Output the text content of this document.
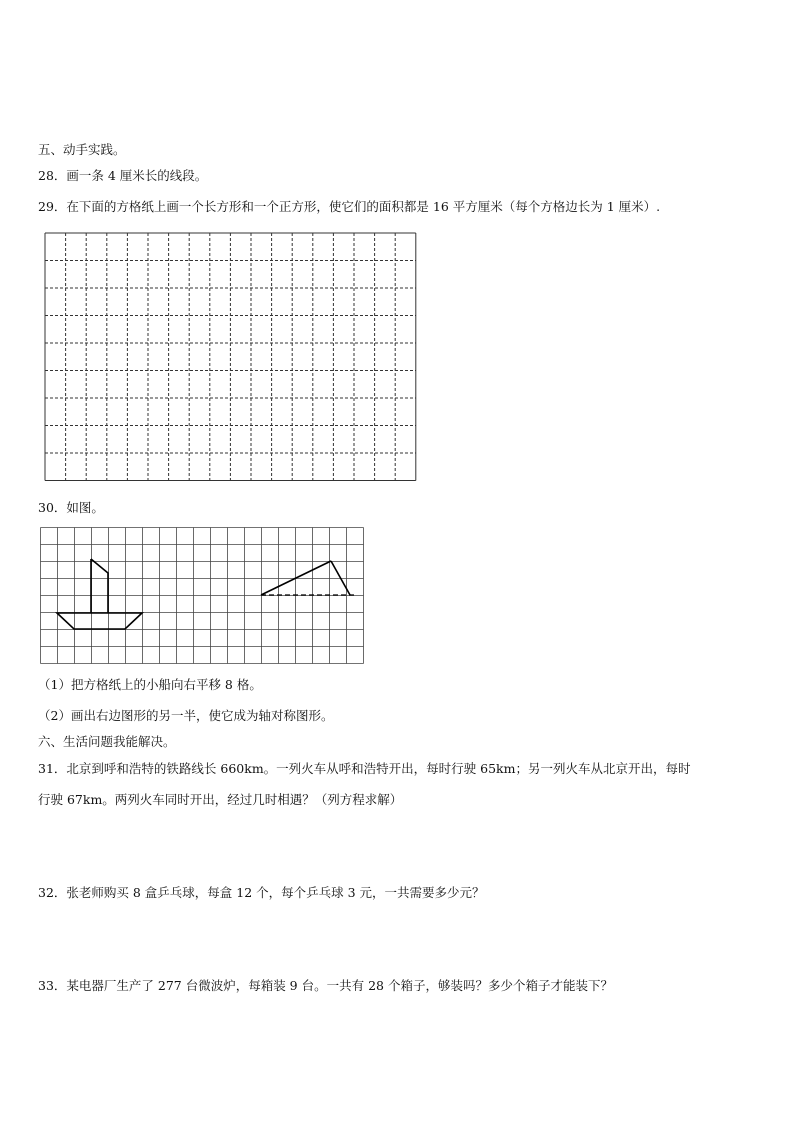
五、动手实践。
28．画一条 4 厘米长的线段。
29．在下面的方格纸上画一个长方形和一个正方形，使它们的面积都是 16 平方厘米（每个方格边长为 1 厘米）.
30．如图。
（1）把方格纸上的小船向右平移 8 格。
（2）画出右边图形的另一半，使它成为轴对称图形。
六、生活问题我能解决。
31．北京到呼和浩特的铁路线长 660km。一列火车从呼和浩特开出，每时行驶 65km；另一列火车从北京开出，每时
行驶 67km。两列火车同时开出，经过几时相遇？（列方程求解）
32．张老师购买 8 盒乒乓球，每盒 12 个，每个乒乓球 3 元，一共需要多少元？
33．某电器厂生产了 277 台微波炉，每箱装 9 台。一共有 28 个箱子，够装吗？多少个箱子才能装下？
